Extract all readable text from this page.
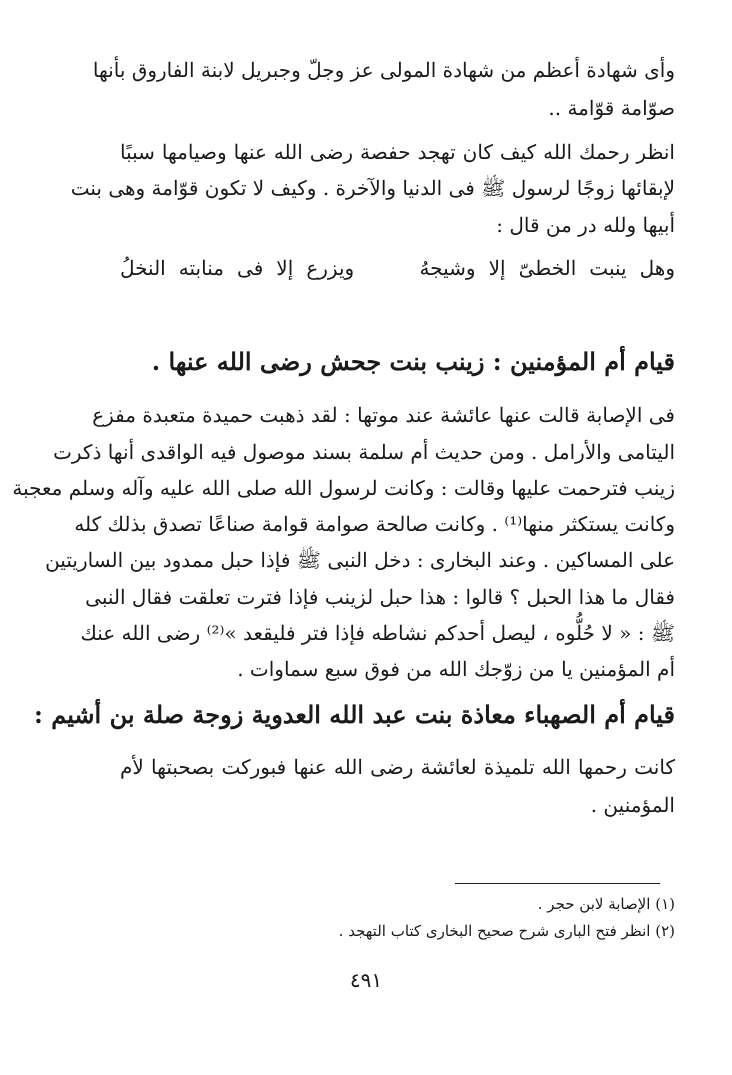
وأى شهادة أعظم من شهادة المولى عز وجلّ وجبريل لابنة الفاروق بأنها
صوّامة قوّامة ..
انظر رحمك الله كيف كان تهجد حفصة رضى الله عنها وصيامها سببًا
لإبقائها زوجًا لرسول ﷺ فى الدنيا والآخرة . وكيف لا تكون قوّامة وهى بنت
أبيها ولله در من قال :
وهل ينبت الخطىّ إلا وشيجهُ     ويزرع إلا فى منابته النخلُ
قيام أم المؤمنين : زينب بنت جحش رضى الله عنها .
فى الإصابة قالت عنها عائشة عند موتها : لقد ذهبت حميدة متعبدة مفزع
اليتامى والأرامل . ومن حديث أم سلمة بسند موصول فيه الواقدى أنها ذكرت
زينب فترحمت عليها وقالت : وكانت لرسول الله صلى الله عليه وآله وسلم معجبة
وكانت يستكثر منها⁽¹⁾ . وكانت صالحة صوامة قوامة صناعًا تصدق بذلك كله
على المساكين . وعند البخارى : دخل النبى ﷺ فإذا حبل ممدود بين الساريتين
فقال ما هذا الحبل ؟ قالوا : هذا حبل لزينب فإذا فترت تعلقت فقال النبى
ﷺ : « لا حُلُّوه ، ليصل أحدكم نشاطه فإذا فتر فليقعد »⁽²⁾ رضى الله عنك
أم المؤمنين يا من زوّجك الله من فوق سبع سماوات .
قيام أم الصهباء معاذة بنت عبد الله العدوية زوجة صلة بن أشيم :
كانت رحمها الله تلميذة لعائشة رضى الله عنها فبوركت بصحبتها لأم
المؤمنين .
(١) الإصابة لابن حجر .
(٢) انظر فتح البارى شرح صحيح البخارى كتاب التهجد .
٤٩١
